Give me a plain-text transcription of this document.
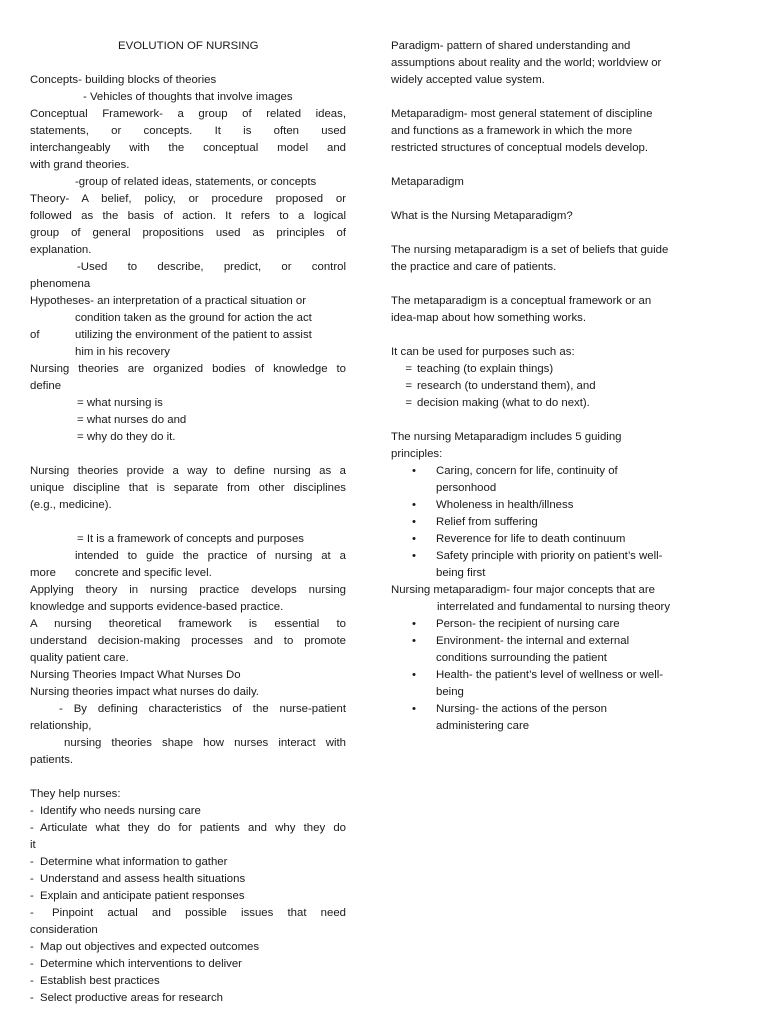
EVOLUTION OF NURSING
Concepts- building blocks of theories
- Vehicles of thoughts that involve images
Conceptual Framework- a group of related ideas,
statements, or concepts. It is often used
interchangeably with the conceptual model and
with grand theories.
-group of related ideas, statements, or concepts
Theory- A belief, policy, or procedure proposed or
followed as the basis of action. It refers to a logical
group of general propositions used as principles of
explanation.
-Used to describe, predict, or control
phenomena
Hypotheses- an interpretation of a practical situation or
condition taken as the ground for action the act
of	utilizing the environment of the patient to assist
him in his recovery
Nursing theories are organized bodies of knowledge to
define
= what nursing is
= what nurses do and
= why do they do it.
Nursing theories provide a way to define nursing as a
unique discipline that is separate from other disciplines
(e.g., medicine).
= It is a framework of concepts and purposes
intended to guide the practice of nursing at a
more	concrete and specific level.
Applying theory in nursing practice develops nursing
knowledge and supports evidence-based practice.
A nursing theoretical framework is essential to
understand decision-making processes and to promote
quality patient care.
Nursing Theories Impact What Nurses Do
Nursing theories impact what nurses do daily.
- By defining characteristics of the nurse-patient
relationship,
nursing theories shape how nurses interact with
patients.
They help nurses:
- Identify who needs nursing care
- Articulate what they do for patients and why they do
it
- Determine what information to gather
- Understand and assess health situations
- Explain and anticipate patient responses
-	Pinpoint actual and possible issues that need
consideration
- Map out objectives and expected outcomes
- Determine which interventions to deliver
- Establish best practices
- Select productive areas for research
Paradigm- pattern of shared understanding and
assumptions about reality and the world; worldview or
widely accepted value system.
Metaparadigm- most general statement of discipline
and functions as a framework in which the more
restricted structures of conceptual models develop.
Metaparadigm
What is the Nursing Metaparadigm?
The nursing metaparadigm is a set of beliefs that guide
the practice and care of patients.
The metaparadigm is a conceptual framework or an
idea-map about how something works.
It can be used for purposes such as:
= teaching (to explain things)
= research (to understand them), and
= decision making (what to do next).
The nursing Metaparadigm includes 5 guiding
principles:
•	Caring, concern for life, continuity of
personhood
•	Wholeness in health/illness
•	Relief from suffering
•	Reverence for life to death continuum
•	Safety principle with priority on patient’s well-
being first
Nursing metaparadigm- four major concepts that are
interrelated and fundamental to nursing theory
•	Person- the recipient of nursing care
•	Environment- the internal and external
conditions surrounding the patient
•	Health- the patient’s level of wellness or well-
being
•	Nursing- the actions of the person
administering care
